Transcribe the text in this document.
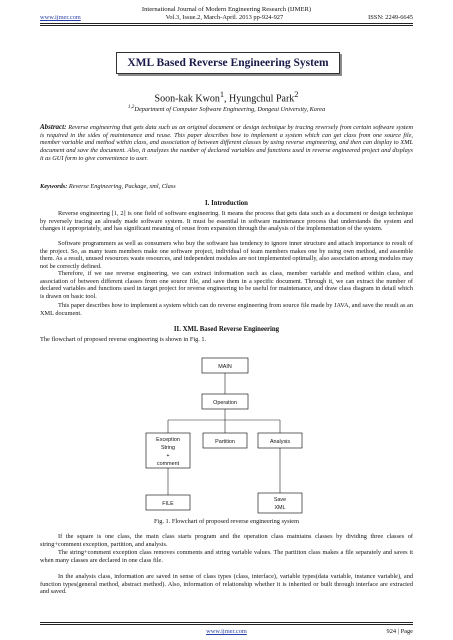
International Journal of Modern Engineering Research (IJMER)
www.ijmer.com	Vol.3, Issue.2, March-April. 2013 pp-924-927	ISSN: 2249-6645
XML Based Reverse Engineering System
Soon-kak Kwon$^1$, Hyungchul Park$^2$
$^{1,2}$Department of Computer Software Engineering, Dongeui University, Korea
Abstract: Reverse engineering that gets data such as an original document or design technique by tracing reversely from certain software system is required in the sides of maintenance and reuse. This paper describes how to implement a system which can get class from one source file, member variable and method within class, and association of between different classes by using reverse engineering, and then can display to XML document and save the document. Also, it analyzes the number of declared variables and functions used in reverse engineered project and displays it as GUI form to give convenience to user.
Keywords: Reverse Engineering, Package, xml, Class
I. Introduction
Reverse engineering [1, 2] is one field of software engineering. It means the process that gets data such as a document or design technique by reversely tracing an already made software system. It must be essential in software maintenance process that understands the system and changes it appropriately, and has significant meaning of reuse from expansion through the analysis of the implementation of the system.
Software programmers as well as consumers who buy the software has tendency to ignore inner structure and attach importance to result of the project. So, as many team members make one software project, individual of team members makes one by using own method, and assemble them. As a result, unused resources waste resources, and independent modules are not implemented optimally, also association among modules may not be correctly defined.
Therefore, if we use reverse engineering, we can extract information such as class, member variable and method within class, and association of between different classes from one source file, and save them in a specific document. Through it, we can extract the number of declared variables and functions used in target project for reverse engineering to be useful for maintenance, and draw class diagram in detail which is drawn on basic tool.
This paper describes how to implement a system which can do reverse engineering from source file made by JAVA, and save the result as an XML document.
II. XML Based Reverse Engineering
The flowchart of proposed reverse engineering is shown in Fig. 1.
MAIN
Operation
Exception
String
+
comment
Partition	Analysis
FILE
Save
XML
Fig. 1. Flowchart of proposed reverse engineering system
If the square is one class, the main class starts program and the operation class maintains classes by dividing three classes of string+comment exception, partition, and analysis.
The string+comment exception class removes comments and string variable values. The partition class makes a file separately and saves it when many classes are declared in one class file.
In the analysis class, information are saved in sense of class types (class, interface), variable types(data variable, instance variable), and function types(general method, abstract method). Also, information of relationship whether it is inherited or built through interface are extracted and saved.
www.ijmer.com	924 | Page
